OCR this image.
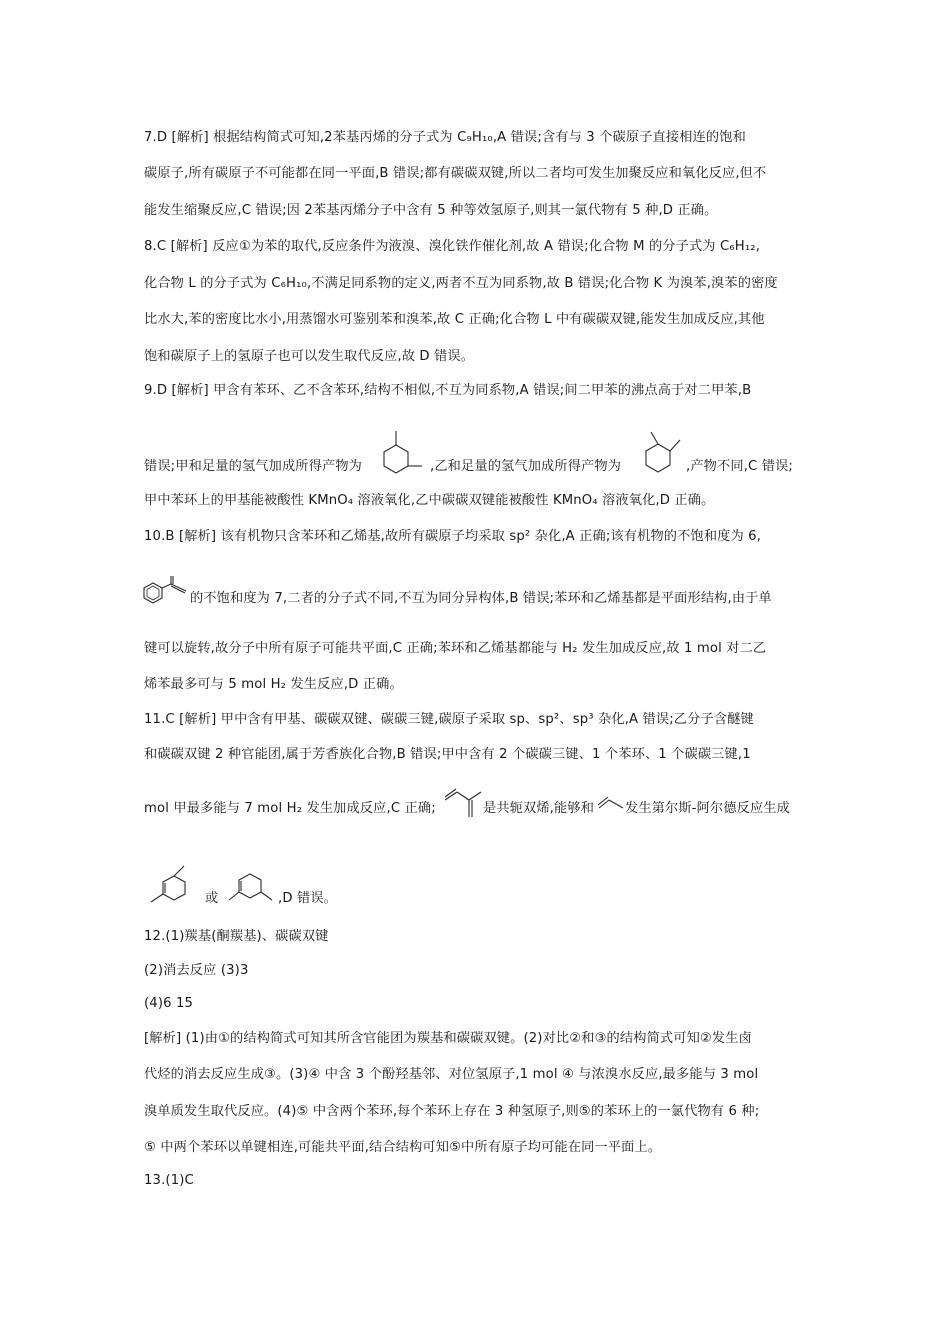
7.D [解析] 根据结构简式可知,2苯基丙烯的分子式为 C₉H₁₀,A 错误;含有与 3 个碳原子直接相连的饱和
碳原子,所有碳原子不可能都在同一平面,B 错误;都有碳碳双键,所以二者均可发生加聚反应和氧化反应,但不
能发生缩聚反应,C 错误;因 2苯基丙烯分子中含有 5 种等效氢原子,则其一氯代物有 5 种,D 正确。
8.C [解析] 反应①为苯的取代,反应条件为液溴、溴化铁作催化剂,故 A 错误;化合物 M 的分子式为 C₆H₁₂,
化合物 L 的分子式为 C₆H₁₀,不满足同系物的定义,两者不互为同系物,故 B 错误;化合物 K 为溴苯,溴苯的密度
比水大,苯的密度比水小,用蒸馏水可鉴别苯和溴苯,故 C 正确;化合物 L 中有碳碳双键,能发生加成反应,其他
饱和碳原子上的氢原子也可以发生取代反应,故 D 错误。
9.D [解析] 甲含有苯环、乙不含苯环,结构不相似,不互为同系物,A 错误;间二甲苯的沸点高于对二甲苯,B
错误;甲和足量的氢气加成所得产物为	,乙和足量的氢气加成所得产物为	,产物不同,C 错误;
甲中苯环上的甲基能被酸性 KMnO₄ 溶液氧化,乙中碳碳双键能被酸性 KMnO₄ 溶液氧化,D 正确。
10.B [解析] 该有机物只含苯环和乙烯基,故所有碳原子均采取 sp² 杂化,A 正确;该有机物的不饱和度为 6,
的不饱和度为 7,二者的分子式不同,不互为同分异构体,B 错误;苯环和乙烯基都是平面形结构,由于单
键可以旋转,故分子中所有原子可能共平面,C 正确;苯环和乙烯基都能与 H₂ 发生加成反应,故 1 mol 对二乙
烯苯最多可与 5 mol H₂ 发生反应,D 正确。
11.C [解析] 甲中含有甲基、碳碳双键、碳碳三键,碳原子采取 sp、sp²、sp³ 杂化,A 错误;乙分子含醚键
和碳碳双键 2 种官能团,属于芳香族化合物,B 错误;甲中含有 2 个碳碳三键、1 个苯环、1 个碳碳三键,1
mol 甲最多能与 7 mol H₂ 发生加成反应,C 正确;	是共轭双烯,能够和 发生第尔斯-阿尔德反应生成
或	,D 错误。
12.(1)羰基(酮羰基)、碳碳双键
(2)消去反应 (3)3
(4)6 15
[解析] (1)由①的结构简式可知其所含官能团为羰基和碳碳双键。(2)对比②和③的结构简式可知②发生卤
代烃的消去反应生成③。(3)④ 中含 3 个酚羟基邻、对位氢原子,1 mol ④ 与浓溴水反应,最多能与 3 mol
溴单质发生取代反应。(4)⑤ 中含两个苯环,每个苯环上存在 3 种氢原子,则⑤的苯环上的一氯代物有 6 种;
⑤ 中两个苯环以单键相连,可能共平面,结合结构可知⑤中所有原子均可能在同一平面上。
13.(1)C
